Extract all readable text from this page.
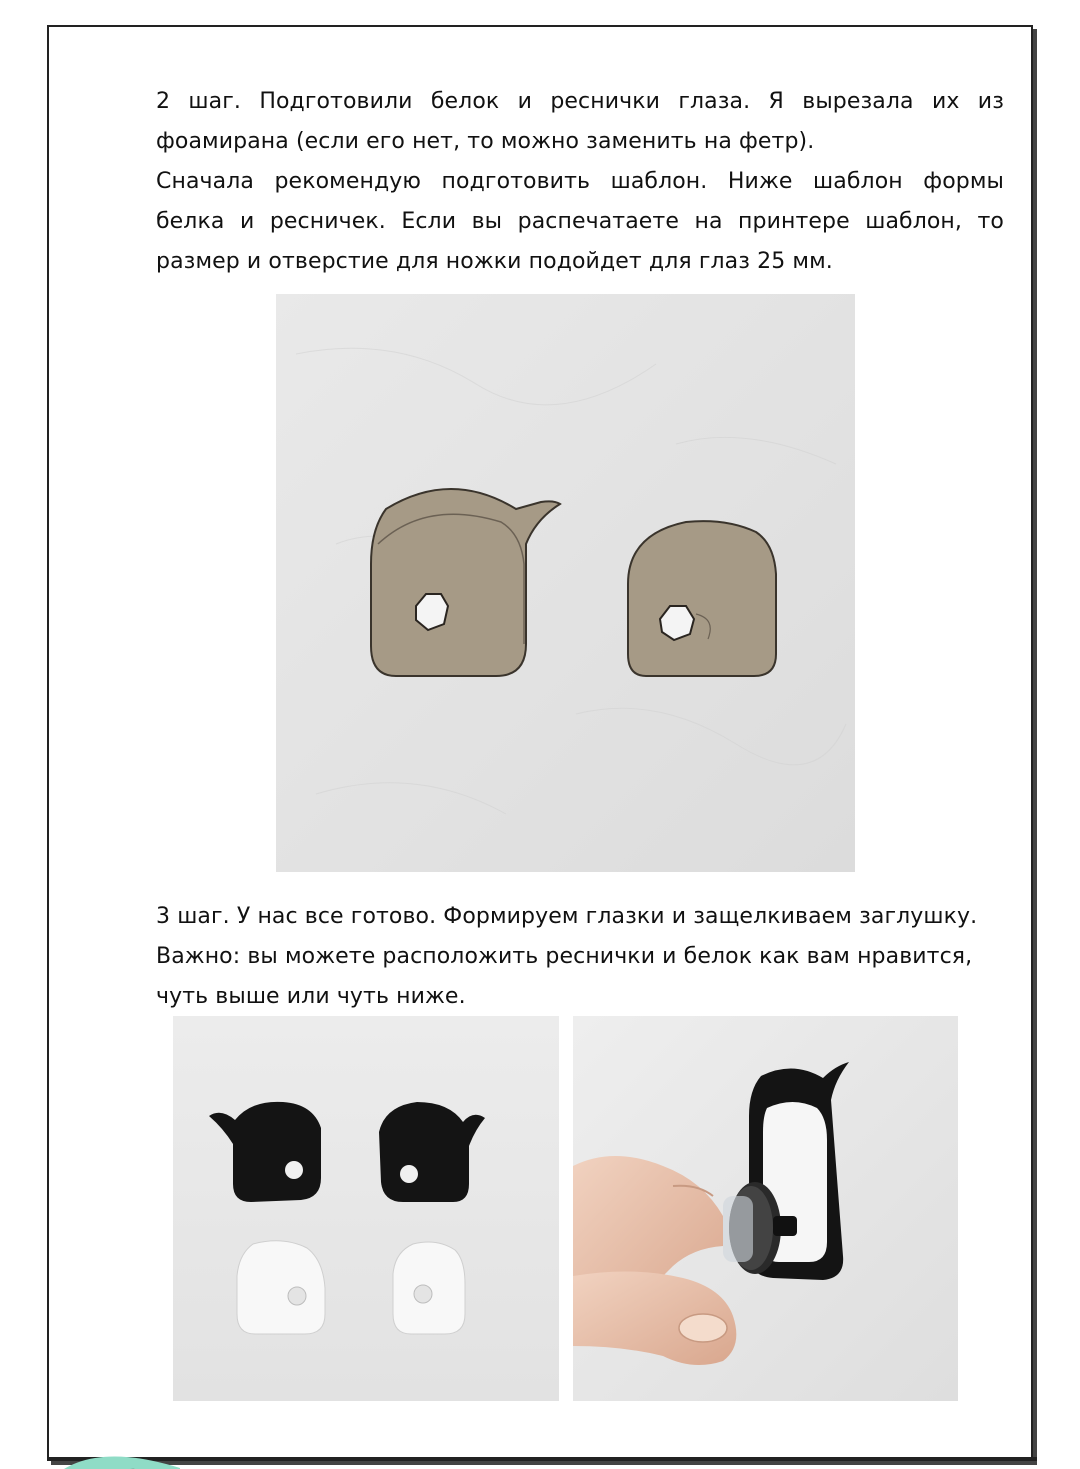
2 шаг. Подготовили белок и реснички глаза. Я вырезала их из

фоамирана (если его нет, то можно заменить на фетр).

Сначала рекомендую подготовить шаблон. Ниже шаблон формы

белка и ресничек. Если вы распечатаете на принтере шаблон, то

размер и отверстие для ножки подойдет для глаз 25 мм.

3 шаг. У нас все готово. Формируем глазки и защелкиваем заглушку.

Важно: вы можете расположить реснички и белок как вам нравится,

чуть выше или чуть ниже.
